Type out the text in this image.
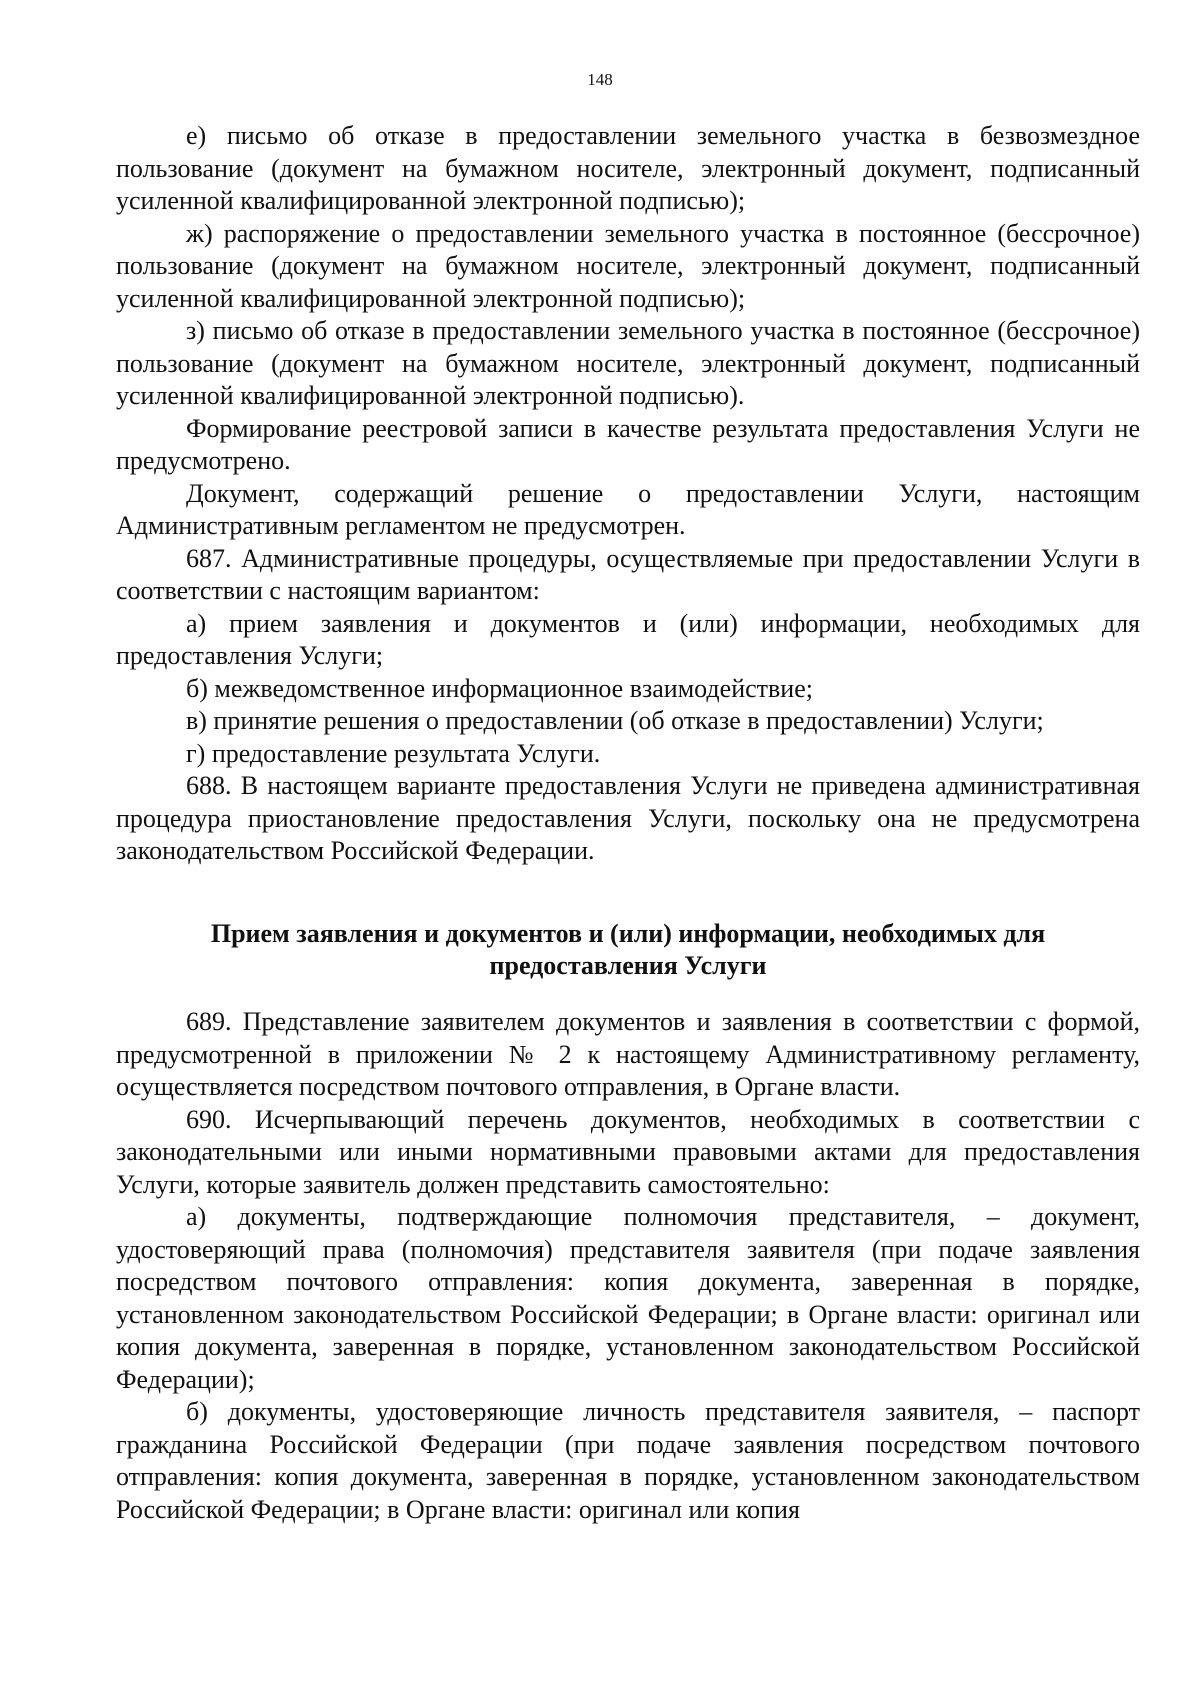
148

е) письмо об отказе в предоставлении земельного участка в безвозмездное пользование (документ на бумажном носителе, электронный документ, подписанный усиленной квалифицированной электронной подписью);

ж) распоряжение о предоставлении земельного участка в постоянное (бессрочное) пользование (документ на бумажном носителе, электронный документ, подписанный усиленной квалифицированной электронной подписью);

з) письмо об отказе в предоставлении земельного участка в постоянное (бессрочное) пользование (документ на бумажном носителе, электронный документ, подписанный усиленной квалифицированной электронной подписью).

Формирование реестровой записи в качестве результата предоставления Услуги не предусмотрено.

Документ, содержащий решение о предоставлении Услуги, настоящим Административным регламентом не предусмотрен.

687. Административные процедуры, осуществляемые при предоставлении Услуги в соответствии с настоящим вариантом:

а) прием заявления и документов и (или) информации, необходимых для предоставления Услуги;

б) межведомственное информационное взаимодействие;

в) принятие решения о предоставлении (об отказе в предоставлении) Услуги;

г) предоставление результата Услуги.

688. В настоящем варианте предоставления Услуги не приведена административная процедура приостановление предоставления Услуги, поскольку она не предусмотрена законодательством Российской Федерации.

Прием заявления и документов и (или) информации, необходимых для предоставления Услуги

689. Представление заявителем документов и заявления в соответствии с формой, предусмотренной в приложении № 2 к настоящему Административному регламенту, осуществляется посредством почтового отправления, в Органе власти.

690. Исчерпывающий перечень документов, необходимых в соответствии с законодательными или иными нормативными правовыми актами для предоставления Услуги, которые заявитель должен представить самостоятельно:

а) документы, подтверждающие полномочия представителя, – документ, удостоверяющий права (полномочия) представителя заявителя (при подаче заявления посредством почтового отправления: копия документа, заверенная в порядке, установленном законодательством Российской Федерации; в Органе власти: оригинал или копия документа, заверенная в порядке, установленном законодательством Российской Федерации);

б) документы, удостоверяющие личность представителя заявителя, – паспорт гражданина Российской Федерации (при подаче заявления посредством почтового отправления: копия документа, заверенная в порядке, установленном законодательством Российской Федерации; в Органе власти: оригинал или копия
